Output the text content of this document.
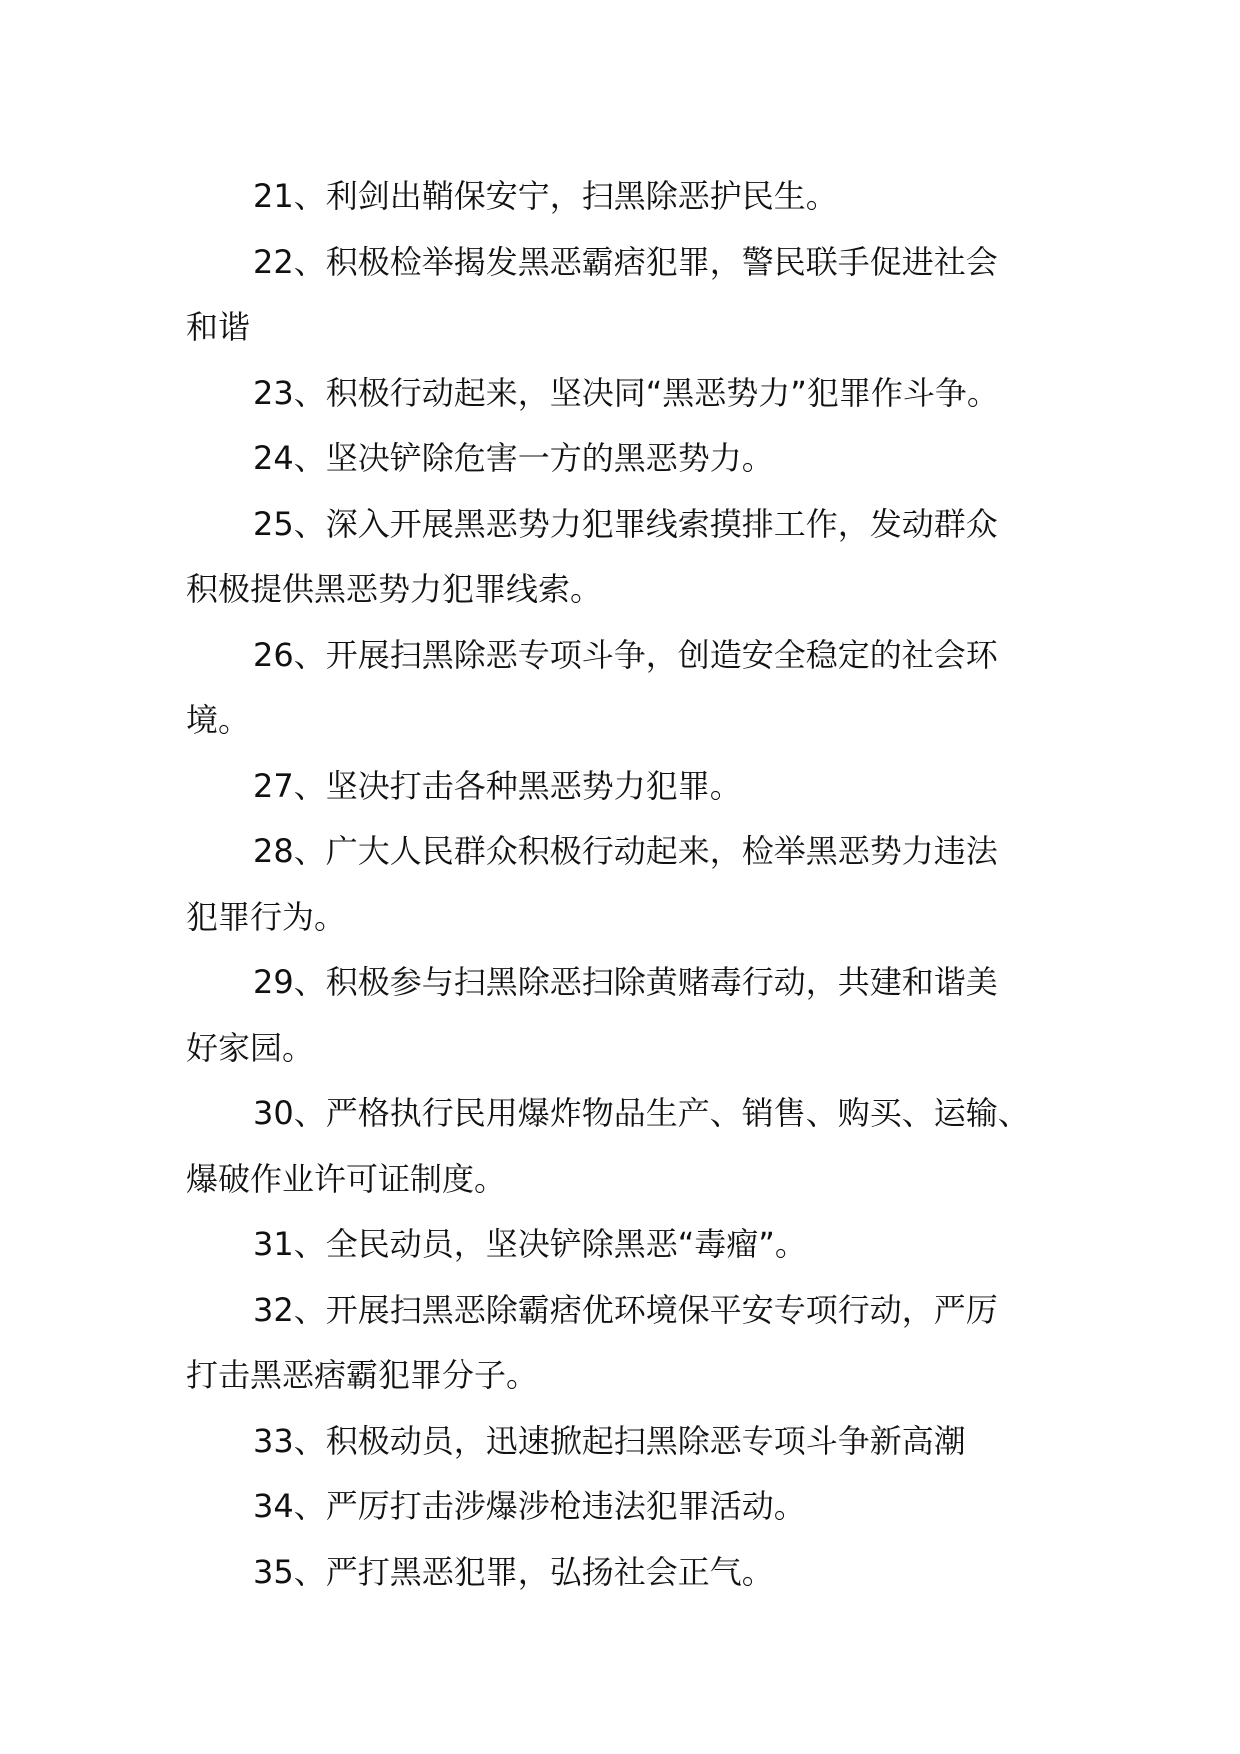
21、利剑出鞘保安宁，扫黑除恶护民生。
22、积极检举揭发黑恶霸痞犯罪，警民联手促进社会
和谐
23、积极行动起来，坚决同“黑恶势力”犯罪作斗争。
24、坚决铲除危害一方的黑恶势力。
25、深入开展黑恶势力犯罪线索摸排工作，发动群众
积极提供黑恶势力犯罪线索。
26、开展扫黑除恶专项斗争，创造安全稳定的社会环
境。
27、坚决打击各种黑恶势力犯罪。
28、广大人民群众积极行动起来，检举黑恶势力违法
犯罪行为。
29、积极参与扫黑除恶扫除黄赌毒行动，共建和谐美
好家园。
30、严格执行民用爆炸物品生产、销售、购买、运输、
爆破作业许可证制度。
31、全民动员，坚决铲除黑恶“毒瘤”。
32、开展扫黑恶除霸痞优环境保平安专项行动，严厉
打击黑恶痞霸犯罪分子。
33、积极动员，迅速掀起扫黑除恶专项斗争新高潮
34、严厉打击涉爆涉枪违法犯罪活动。
35、严打黑恶犯罪，弘扬社会正气。
